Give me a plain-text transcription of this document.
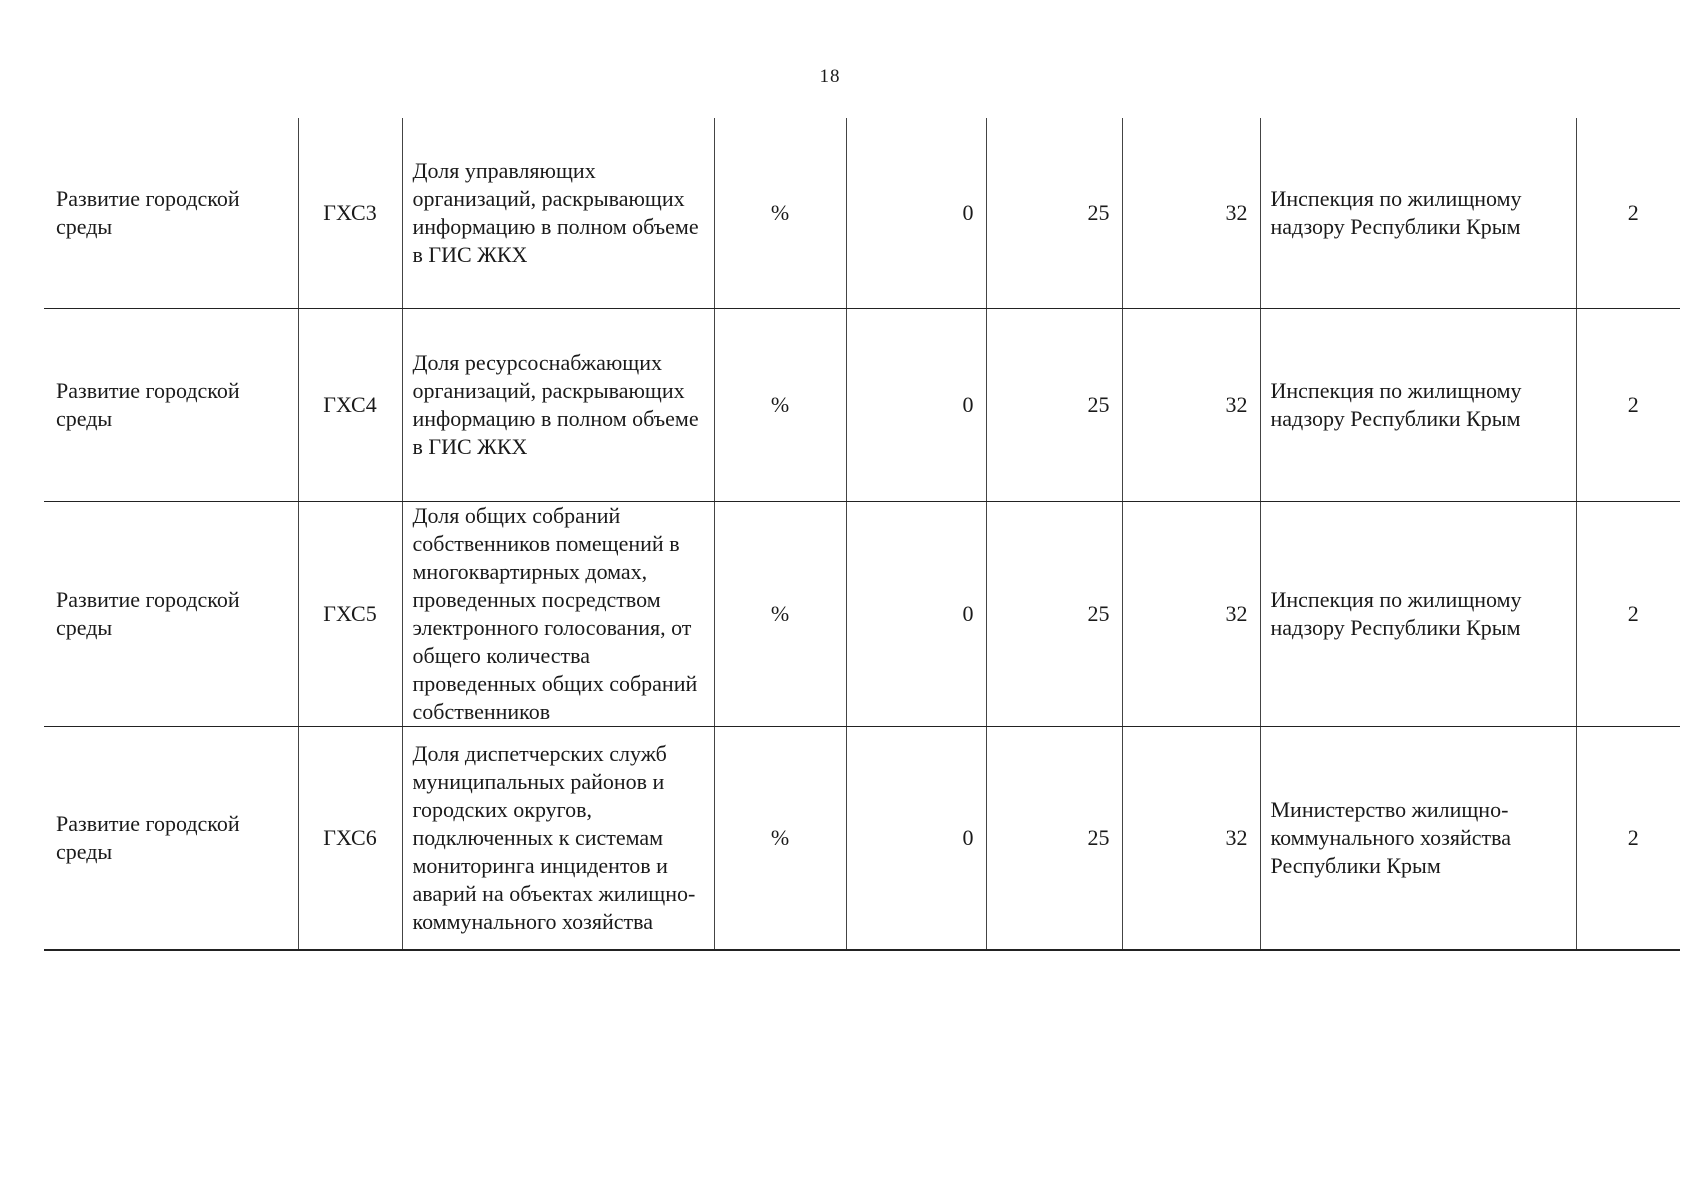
18
Развитие городской среды	ГХС3	Доля управляющих организаций, раскрывающих информацию в полном объеме в ГИС ЖКХ	%	0	25	32	Инспекция по жилищному надзору Республики Крым	2
Развитие городской среды	ГХС4	Доля ресурсоснабжающих организаций, раскрывающих информацию в полном объеме в ГИС ЖКХ	%	0	25	32	Инспекция по жилищному надзору Республики Крым	2
Развитие городской среды	ГХС5	Доля общих собраний собственников помещений в многоквартирных домах, проведенных посредством электронного голосования, от общего количества проведенных общих собраний собственников	%	0	25	32	Инспекция по жилищному надзору Республики Крым	2
Развитие городской среды	ГХС6	Доля диспетчерских служб муниципальных районов и городских округов, подключенных к системам мониторинга инцидентов и аварий на объектах жилищно-коммунального хозяйства	%	0	25	32	Министерство жилищно-коммунального хозяйства Республики Крым	2
